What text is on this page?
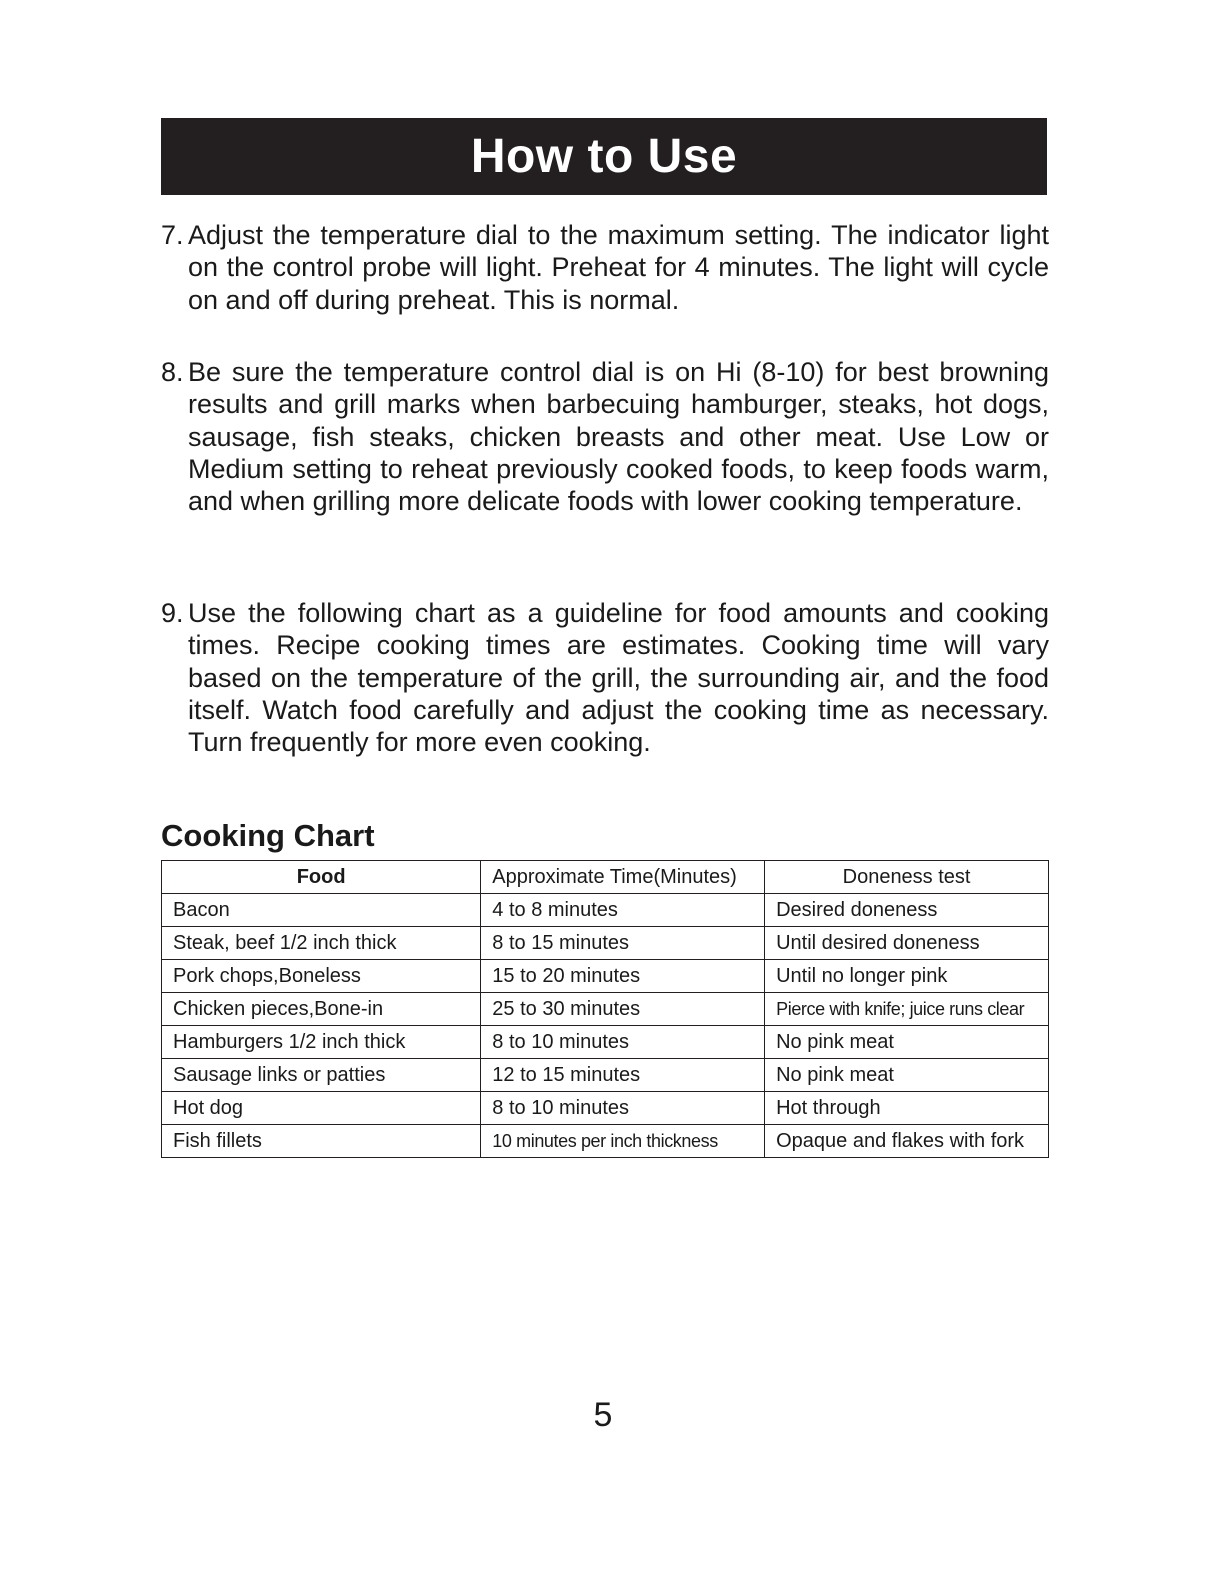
How to Use
7. Adjust the temperature dial to the maximum setting. The indicator light on the control probe will light. Preheat for 4 minutes. The light will cycle on and off during preheat. This is normal.
8. Be sure the temperature control dial is on Hi (8-10) for best browning results and grill marks when barbecuing hamburger, steaks, hot dogs, sausage, fish steaks, chicken breasts and other meat. Use Low or Medium setting to reheat previously cooked foods, to keep foods warm, and when grilling more delicate foods with lower cooking temperature.
9. Use the following chart as a guideline for food amounts and cooking times. Recipe cooking times are estimates. Cooking time will vary based on the temperature of the grill, the surrounding air, and the food itself. Watch food carefully and adjust the cooking time as necessary. Turn frequently for more even cooking.
Cooking Chart
Food	Approximate Time(Minutes)	Doneness test
Bacon	4 to 8 minutes	Desired doneness
Steak, beef 1/2 inch thick	8 to 15 minutes	Until desired doneness
Pork chops,Boneless	15 to 20 minutes	Until no longer pink
Chicken pieces,Bone-in	25 to 30 minutes	Pierce with knife; juice runs clear
Hamburgers 1/2 inch thick	8 to 10 minutes	No pink meat
Sausage links or patties	12 to 15 minutes	No pink meat
Hot dog	8 to 10 minutes	Hot through
Fish fillets	10 minutes per inch thickness	Opaque and flakes with fork
5
